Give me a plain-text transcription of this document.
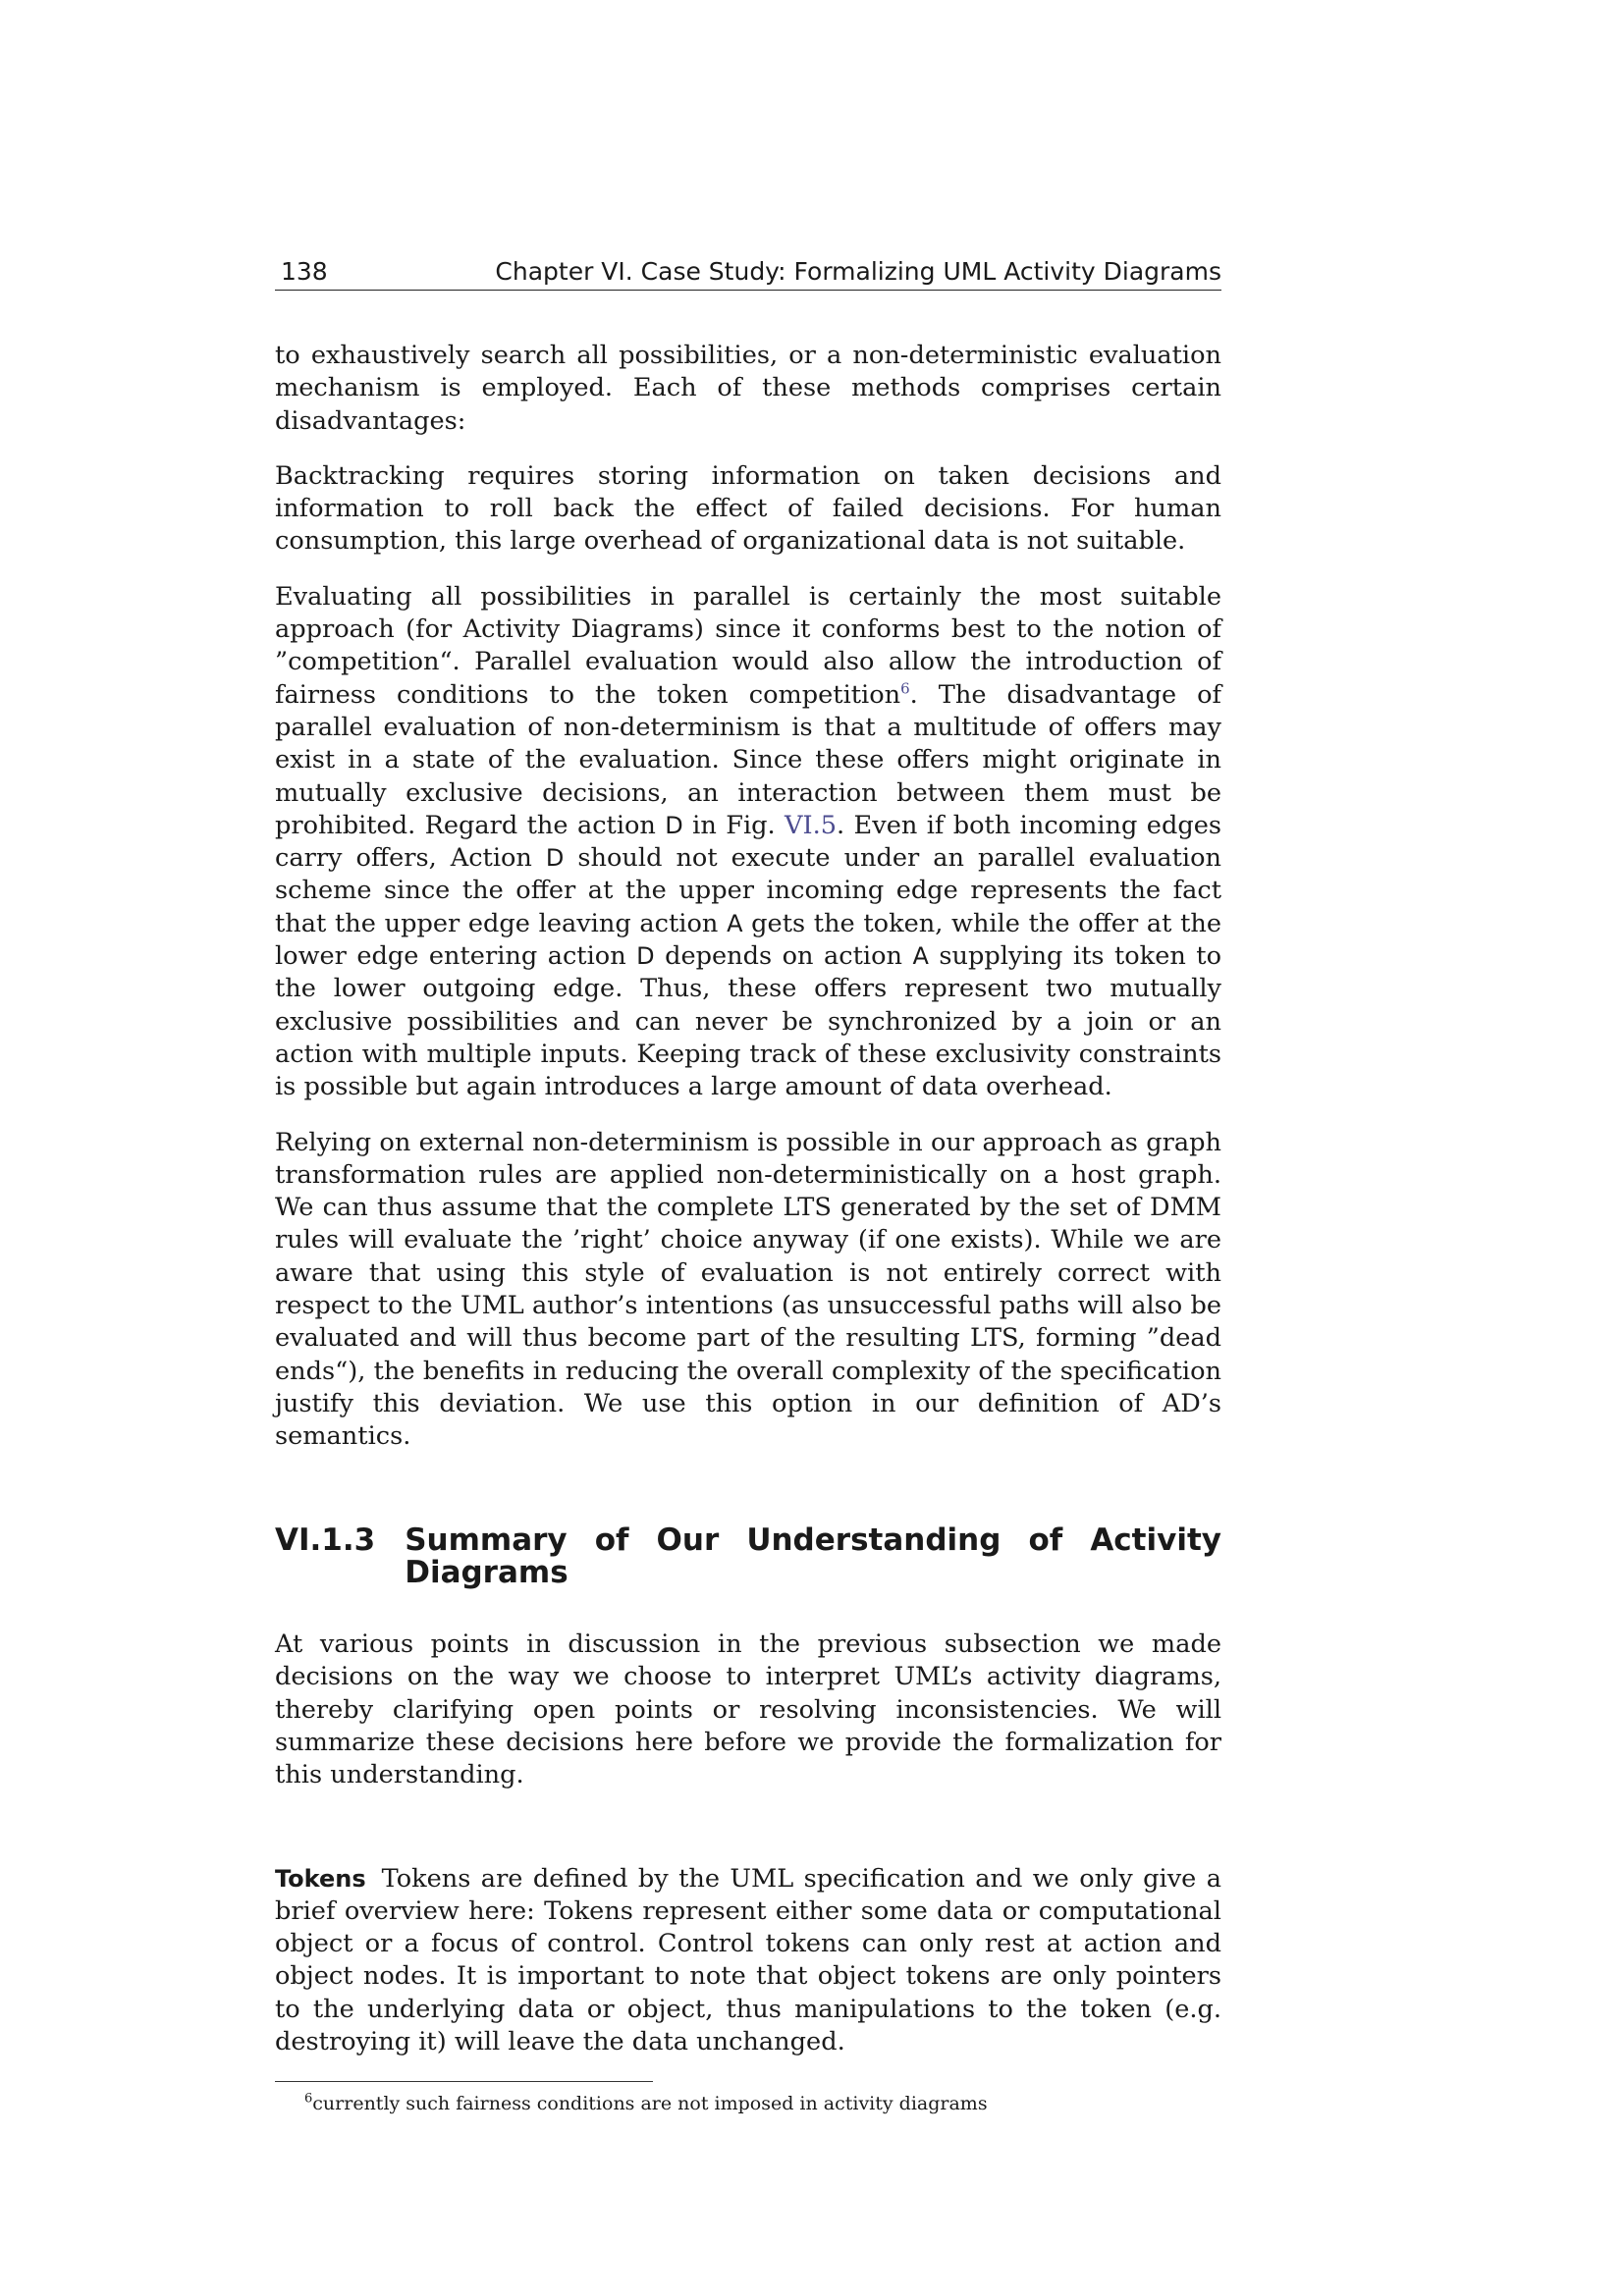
138	Chapter VI. Case Study: Formalizing UML Activity Diagrams

to exhaustively search all possibilities, or a non-deterministic evaluation mechanism is employed. Each of these methods comprises certain disadvantages:

Backtracking requires storing information on taken decisions and information to roll back the effect of failed decisions. For human consumption, this large overhead of organizational data is not suitable.

Evaluating all possibilities in parallel is certainly the most suitable approach (for Activity Diagrams) since it conforms best to the notion of ”competition“. Parallel evaluation would also allow the introduction of fairness conditions to the token competition$^6$. The disadvantage of parallel evaluation of non-determinism is that a multitude of offers may exist in a state of the evaluation. Since these offers might originate in mutually exclusive decisions, an interaction between them must be prohibited. Regard the action D in Fig. VI.5. Even if both incoming edges carry offers, Action D should not execute under an parallel evaluation scheme since the offer at the upper incoming edge represents the fact that the upper edge leaving action A gets the token, while the offer at the lower edge entering action D depends on action A supplying its token to the lower outgoing edge. Thus, these offers represent two mutually exclusive possibilities and can never be synchronized by a join or an action with multiple inputs. Keeping track of these exclusivity constraints is possible but again introduces a large amount of data overhead.

Relying on external non-determinism is possible in our approach as graph transformation rules are applied non-deterministically on a host graph. We can thus assume that the complete LTS generated by the set of DMM rules will evaluate the ’right’ choice anyway (if one exists). While we are aware that using this style of evaluation is not entirely correct with respect to the UML author’s intentions (as unsuccessful paths will also be evaluated and will thus become part of the resulting LTS, forming ”dead ends“), the benefits in reducing the overall complexity of the specification justify this deviation. We use this option in our definition of AD’s semantics.

VI.1.3 Summary of Our Understanding of Activity Diagrams

At various points in discussion in the previous subsection we made decisions on the way we choose to interpret UML’s activity diagrams, thereby clarifying open points or resolving inconsistencies. We will summarize these decisions here before we provide the formalization for this understanding.

Tokens Tokens are defined by the UML specification and we only give a brief overview here: Tokens represent either some data or computational object or a focus of control. Control tokens can only rest at action and object nodes. It is important to note that object tokens are only pointers to the underlying data or object, thus manipulations to the token (e.g. destroying it) will leave the data unchanged.

$^6$currently such fairness conditions are not imposed in activity diagrams
